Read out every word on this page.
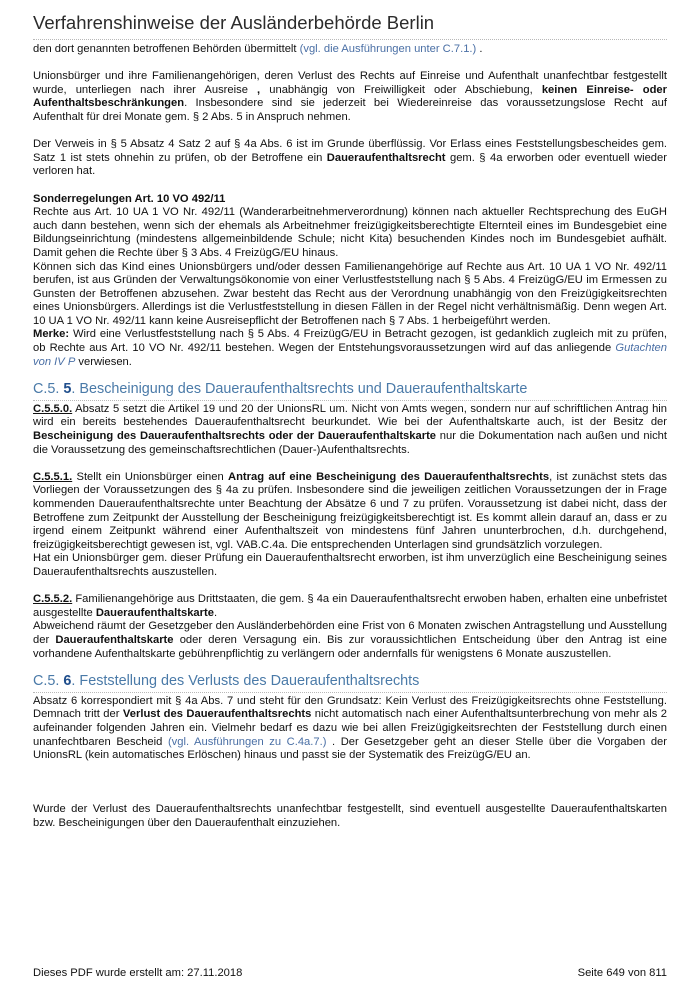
Verfahrenshinweise der Ausländerbehörde Berlin

den dort genannten betroffenen Behörden übermittelt (vgl. die Ausführungen unter C.7.1.) .

Unionsbürger und ihre Familienangehörigen, deren Verlust des Rechts auf Einreise und Aufenthalt unanfechtbar festgestellt wurde, unterliegen nach ihrer Ausreise , unabhängig von Freiwilligkeit oder Abschiebung, keinen Einreise- oder Aufenthaltsbeschränkungen. Insbesondere sind sie jederzeit bei Wiedereinreise das voraussetzungslose Recht auf Aufenthalt für drei Monate gem. § 2 Abs. 5 in Anspruch nehmen.

Der Verweis in § 5 Absatz 4 Satz 2 auf § 4a Abs. 6 ist im Grunde überflüssig. Vor Erlass eines Feststellungsbescheides gem. Satz 1 ist stets ohnehin zu prüfen, ob der Betroffene ein Daueraufenthaltsrecht gem. § 4a erworben oder eventuell wieder verloren hat.

Sonderregelungen Art. 10 VO 492/11

Rechte aus Art. 10 UA 1 VO Nr. 492/11 (Wanderarbeitnehmerverordnung) können nach aktueller Rechtsprechung des EuGH auch dann bestehen, wenn sich der ehemals als Arbeitnehmer freizügigkeitsberechtigte Elternteil eines im Bundesgebiet eine Bildungseinrichtung (mindestens allgemeinbildende Schule; nicht Kita) besuchenden Kindes noch im Bundesgebiet aufhält. Damit gehen die Rechte über § 3 Abs. 4 FreizügG/EU hinaus.

Können sich das Kind eines Unionsbürgers und/oder dessen Familienangehörige auf Rechte aus Art. 10 UA 1 VO Nr. 492/11 berufen, ist aus Gründen der Verwaltungsökonomie von einer Verlustfeststellung nach § 5 Abs. 4 FreizügG/EU im Ermessen zu Gunsten der Betroffenen abzusehen. Zwar besteht das Recht aus der Verordnung unabhängig von den Freizügigkeitsrechten eines Unionsbürgers. Allerdings ist die Verlustfeststellung in diesen Fällen in der Regel nicht verhältnismäßig. Denn wegen Art. 10 UA 1 VO Nr. 492/11 kann keine Ausreisepflicht der Betroffenen nach § 7 Abs. 1 herbeigeführt werden.

Merke: Wird eine Verlustfeststellung nach § 5 Abs. 4 FreizügG/EU in Betracht gezogen, ist gedanklich zugleich mit zu prüfen, ob Rechte aus Art. 10 VO Nr. 492/11 bestehen. Wegen der Entstehungsvoraussetzungen wird auf das anliegende Gutachten von IV P verwiesen.

C.5. 5. Bescheinigung des Daueraufenthaltsrechts und Daueraufenthaltskarte

C.5.5.0. Absatz 5 setzt die Artikel 19 und 20 der UnionsRL um. Nicht von Amts wegen, sondern nur auf schriftlichen Antrag hin wird ein bereits bestehendes Daueraufenthaltsrecht beurkundet. Wie bei der Aufenthaltskarte auch, ist der Besitz der Bescheinigung des Daueraufenthaltsrechts oder der Daueraufenthaltskarte nur die Dokumentation nach außen und nicht die Voraussetzung des gemeinschaftsrechtlichen (Dauer-)Aufenthaltsrechts.

C.5.5.1. Stellt ein Unionsbürger einen Antrag auf eine Bescheinigung des Daueraufenthaltsrechts, ist zunächst stets das Vorliegen der Voraussetzungen des § 4a zu prüfen. Insbesondere sind die jeweiligen zeitlichen Voraussetzungen der in Frage kommenden Daueraufenthaltsrechte unter Beachtung der Absätze 6 und 7 zu prüfen. Voraussetzung ist dabei nicht, dass der Betroffene zum Zeitpunkt der Ausstellung der Bescheinigung freizügigkeitsberechtigt ist. Es kommt allein darauf an, dass er zu irgend einem Zeitpunkt während einer Aufenthaltszeit von mindestens fünf Jahren ununterbrochen, d.h. durchgehend, freizügigkeitsberechtigt gewesen ist, vgl. VAB.C.4a. Die entsprechenden Unterlagen sind grundsätzlich vorzulegen.

Hat ein Unionsbürger gem. dieser Prüfung ein Daueraufenthaltsrecht erworben, ist ihm unverzüglich eine Bescheinigung seines Daueraufenthaltsrechts auszustellen.

C.5.5.2. Familienangehörige aus Drittstaaten, die gem. § 4a ein Daueraufenthaltsrecht erwoben haben, erhalten eine unbefristet ausgestellte Daueraufenthaltskarte.

Abweichend räumt der Gesetzgeber den Ausländerbehörden eine Frist von 6 Monaten zwischen Antragstellung und Ausstellung der Daueraufenthaltskarte oder deren Versagung ein. Bis zur voraussichtlichen Entscheidung über den Antrag ist eine vorhandene Aufenthaltskarte gebührenpflichtig zu verlängern oder andernfalls für wenigstens 6 Monate auszustellen.

C.5. 6. Feststellung des Verlusts des Daueraufenthaltsrechts

Absatz 6 korrespondiert mit § 4a Abs. 7 und steht für den Grundsatz: Kein Verlust des Freizügigkeitsrechts ohne Feststellung. Demnach tritt der Verlust des Daueraufenthaltsrechts nicht automatisch nach einer Aufenthaltsunterbrechung von mehr als 2 aufeinander folgenden Jahren ein. Vielmehr bedarf es dazu wie bei allen Freizügigkeitsrechten der Feststellung durch einen unanfechtbaren Bescheid (vgl. Ausführungen zu C.4a.7.) . Der Gesetzgeber geht an dieser Stelle über die Vorgaben der UnionsRL (kein automatisches Erlöschen) hinaus und passt sie der Systematik des FreizügG/EU an.

Wurde der Verlust des Daueraufenthaltsrechts unanfechtbar festgestellt, sind eventuell ausgestellte Daueraufenthaltskarten bzw. Bescheinigungen über den Daueraufenthalt einzuziehen.

Dieses PDF wurde erstellt am: 27.11.2018	Seite 649 von 811
